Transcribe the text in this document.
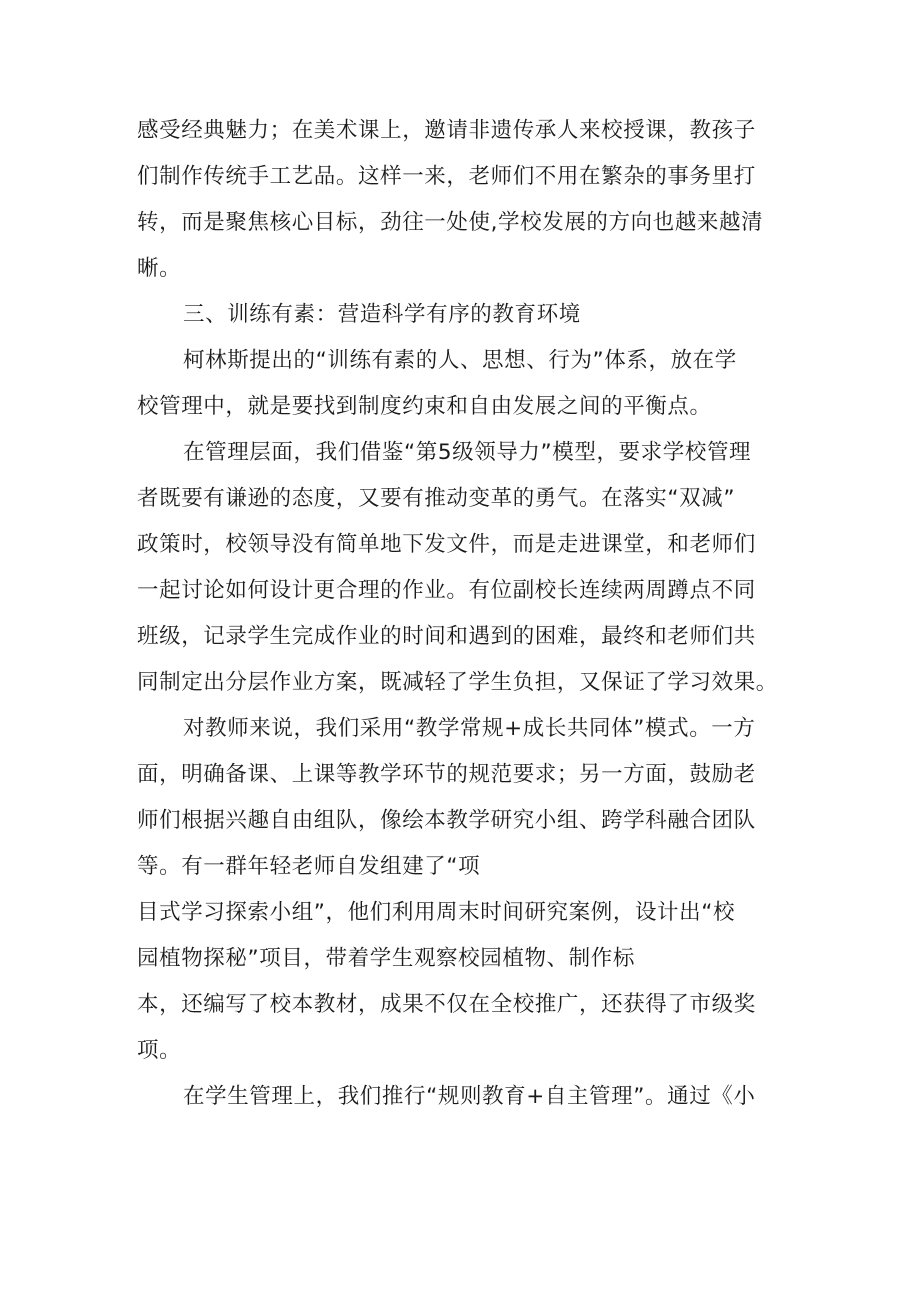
感受经典魅力；在美术课上，邀请非遗传承人来校授课，教孩子
们制作传统手工艺品。这样一来，老师们不用在繁杂的事务里打
转，而是聚焦核心目标，劲往一处使,学校发展的方向也越来越清
晰。
三、训练有素：营造科学有序的教育环境
柯林斯提出的“训练有素的人、思想、行为”体系，放在学
校管理中，就是要找到制度约束和自由发展之间的平衡点。
在管理层面，我们借鉴“第5级领导力”模型，要求学校管理
者既要有谦逊的态度，又要有推动变革的勇气。在落实“双减”
政策时，校领导没有简单地下发文件，而是走进课堂，和老师们
一起讨论如何设计更合理的作业。有位副校长连续两周蹲点不同
班级，记录学生完成作业的时间和遇到的困难，最终和老师们共
同制定出分层作业方案，既减轻了学生负担，又保证了学习效果。
对教师来说，我们采用“教学常规+成长共同体”模式。一方
面，明确备课、上课等教学环节的规范要求；另一方面，鼓励老
师们根据兴趣自由组队，像绘本教学研究小组、跨学科融合团队
等。有一群年轻老师自发组建了“项
目式学习探索小组”，他们利用周末时间研究案例，设计出“校
园植物探秘”项目，带着学生观察校园植物、制作标
本，还编写了校本教材，成果不仅在全校推广，还获得了市级奖
项。
在学生管理上，我们推行“规则教育+自主管理”。通过《小
